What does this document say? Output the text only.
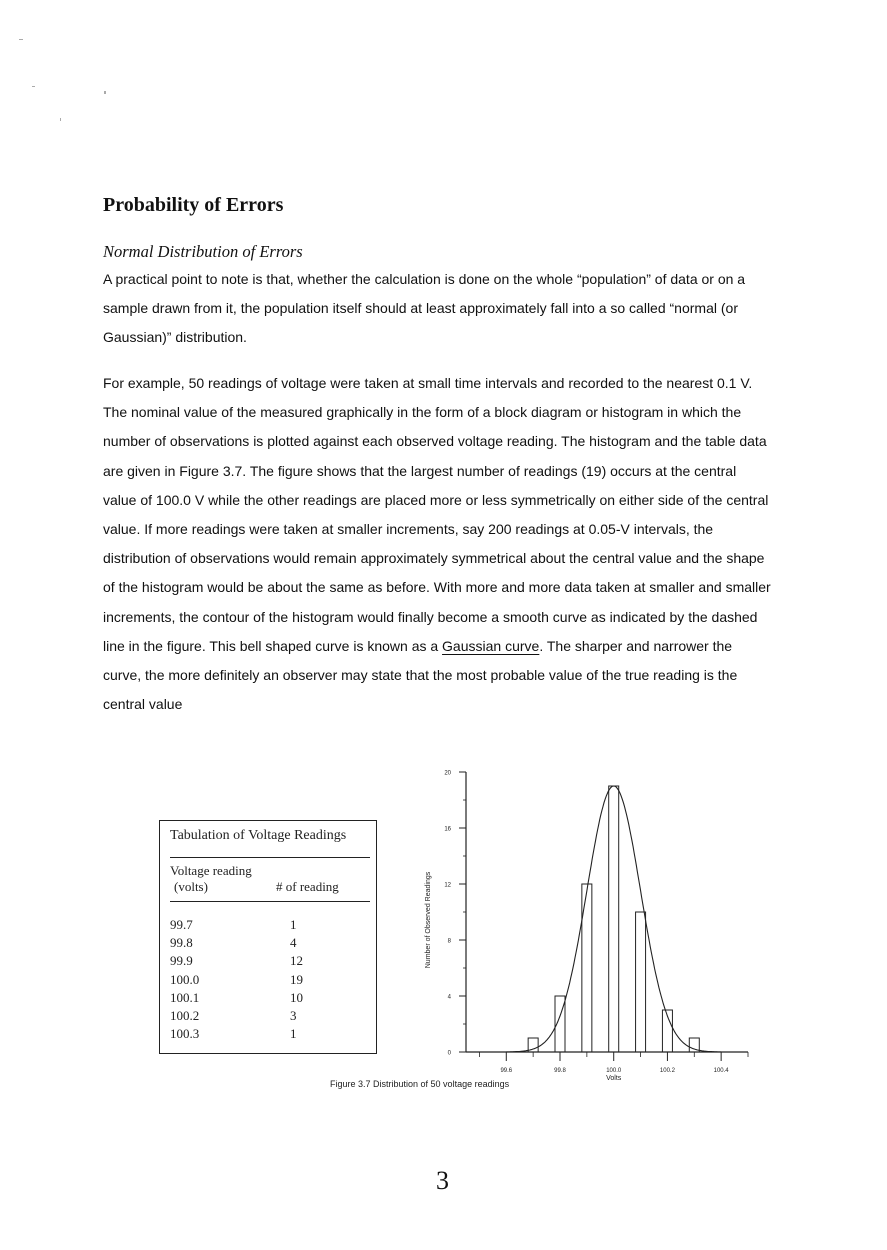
Probability of Errors
Normal Distribution of Errors

A practical point to note is that, whether the calculation is done on the whole “population” of data or on a sample drawn from it, the population itself should at least approximately fall into a so called “normal (or Gaussian)” distribution.

For example, 50 readings of voltage were taken at small time intervals and recorded to the nearest 0.1 V. The nominal value of the measured graphically in the form of a block diagram or histogram in which the number of observations is plotted against each observed voltage reading. The histogram and the table data are given in Figure 3.7. The figure shows that the largest number of readings (19) occurs at the central value of 100.0 V while the other readings are placed more or less symmetrically on either side of the central value. If more readings were taken at smaller increments, say 200 readings at 0.05-V intervals, the distribution of observations would remain approximately symmetrical about the central value and the shape of the histogram would be about the same as before. With more and more data taken at smaller and smaller increments, the contour of the histogram would finally become a smooth curve as indicated by the dashed line in the figure. This bell shaped curve is known as a Gaussian curve. The sharper and narrower the curve, the more definitely an observer may state that the most probable value of the true reading is the central value

Tabulation of Voltage Readings
Voltage reading
(volts)	# of reading
99.7	1
99.8	4
99.9	12
100.0	19
100.1	10
100.2	3
100.3	1
0
4
8
12
16
20
99.6	99.8	100.0	100.2	100.4
Volts
Number of Observed Readings
Figure 3.7 Distribution of 50 voltage readings
3
